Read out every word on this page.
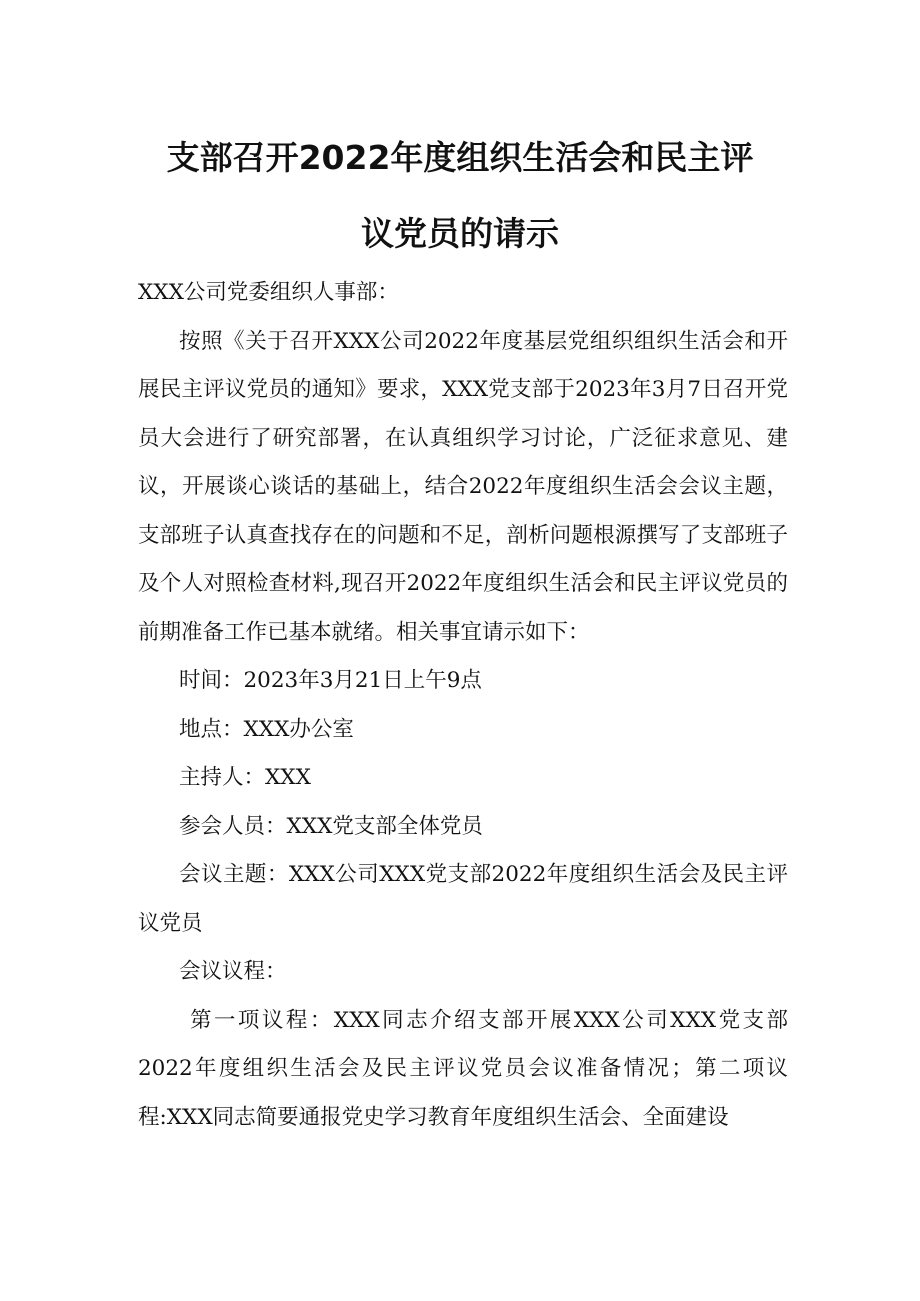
支部召开2022年度组织生活会和民主评
议党员的请示

XXX公司党委组织人事部：

按照《关于召开XXX公司2022年度基层党组织组织生活会和开展民主评议党员的通知》要求，XXX党支部于2023年3月7日召开党员大会进行了研究部署，在认真组织学习讨论，广泛征求意见、建议，开展谈心谈话的基础上，结合2022年度组织生活会会议主题，支部班子认真查找存在的问题和不足，剖析问题根源撰写了支部班子及个人对照检查材料,现召开2022年度组织生活会和民主评议党员的前期准备工作已基本就绪。相关事宜请示如下：

时间：2023年3月21日上午9点

地点：XXX办公室

主持人：XXX

参会人员：XXX党支部全体党员

会议主题：XXX公司XXX党支部2022年度组织生活会及民主评议党员

会议议程：

第一项议程：XXX同志介绍支部开展XXX公司XXX党支部2022年度组织生活会及民主评议党员会议准备情况；第二项议程:XXX同志简要通报党史学习教育年度组织生活会、全面建设
